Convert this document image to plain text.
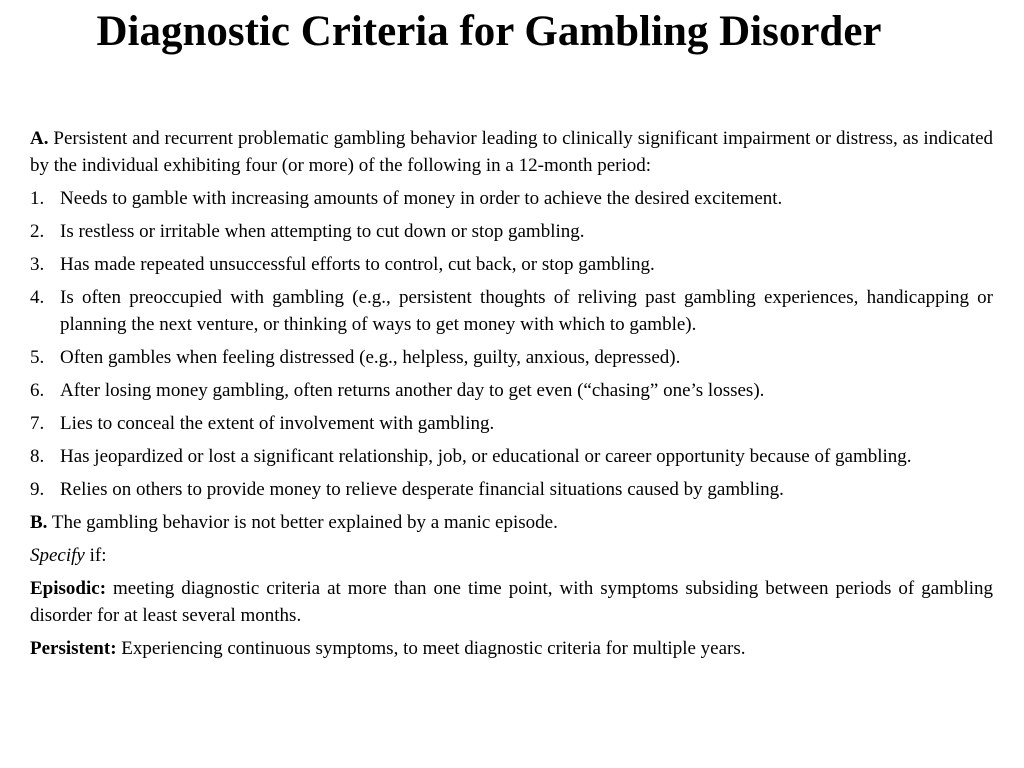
Diagnostic Criteria for Gambling Disorder

A. Persistent and recurrent problematic gambling behavior leading to clinically significant impairment or distress, as indicated by the individual exhibiting four (or more) of the following in a 12-month period:

1. Needs to gamble with increasing amounts of money in order to achieve the desired excitement.
2. Is restless or irritable when attempting to cut down or stop gambling.
3. Has made repeated unsuccessful efforts to control, cut back, or stop gambling.
4. Is often preoccupied with gambling (e.g., persistent thoughts of reliving past gambling experiences, handicapping or planning the next venture, or thinking of ways to get money with which to gamble).
5. Often gambles when feeling distressed (e.g., helpless, guilty, anxious, depressed).
6. After losing money gambling, often returns another day to get even (“chasing” one’s losses).
7. Lies to conceal the extent of involvement with gambling.
8. Has jeopardized or lost a significant relationship, job, or educational or career opportunity because of gambling.
9. Relies on others to provide money to relieve desperate financial situations caused by gambling.

B. The gambling behavior is not better explained by a manic episode.

Specify if:

Episodic: meeting diagnostic criteria at more than one time point, with symptoms subsiding between periods of gambling disorder for at least several months.

Persistent: Experiencing continuous symptoms, to meet diagnostic criteria for multiple years.
